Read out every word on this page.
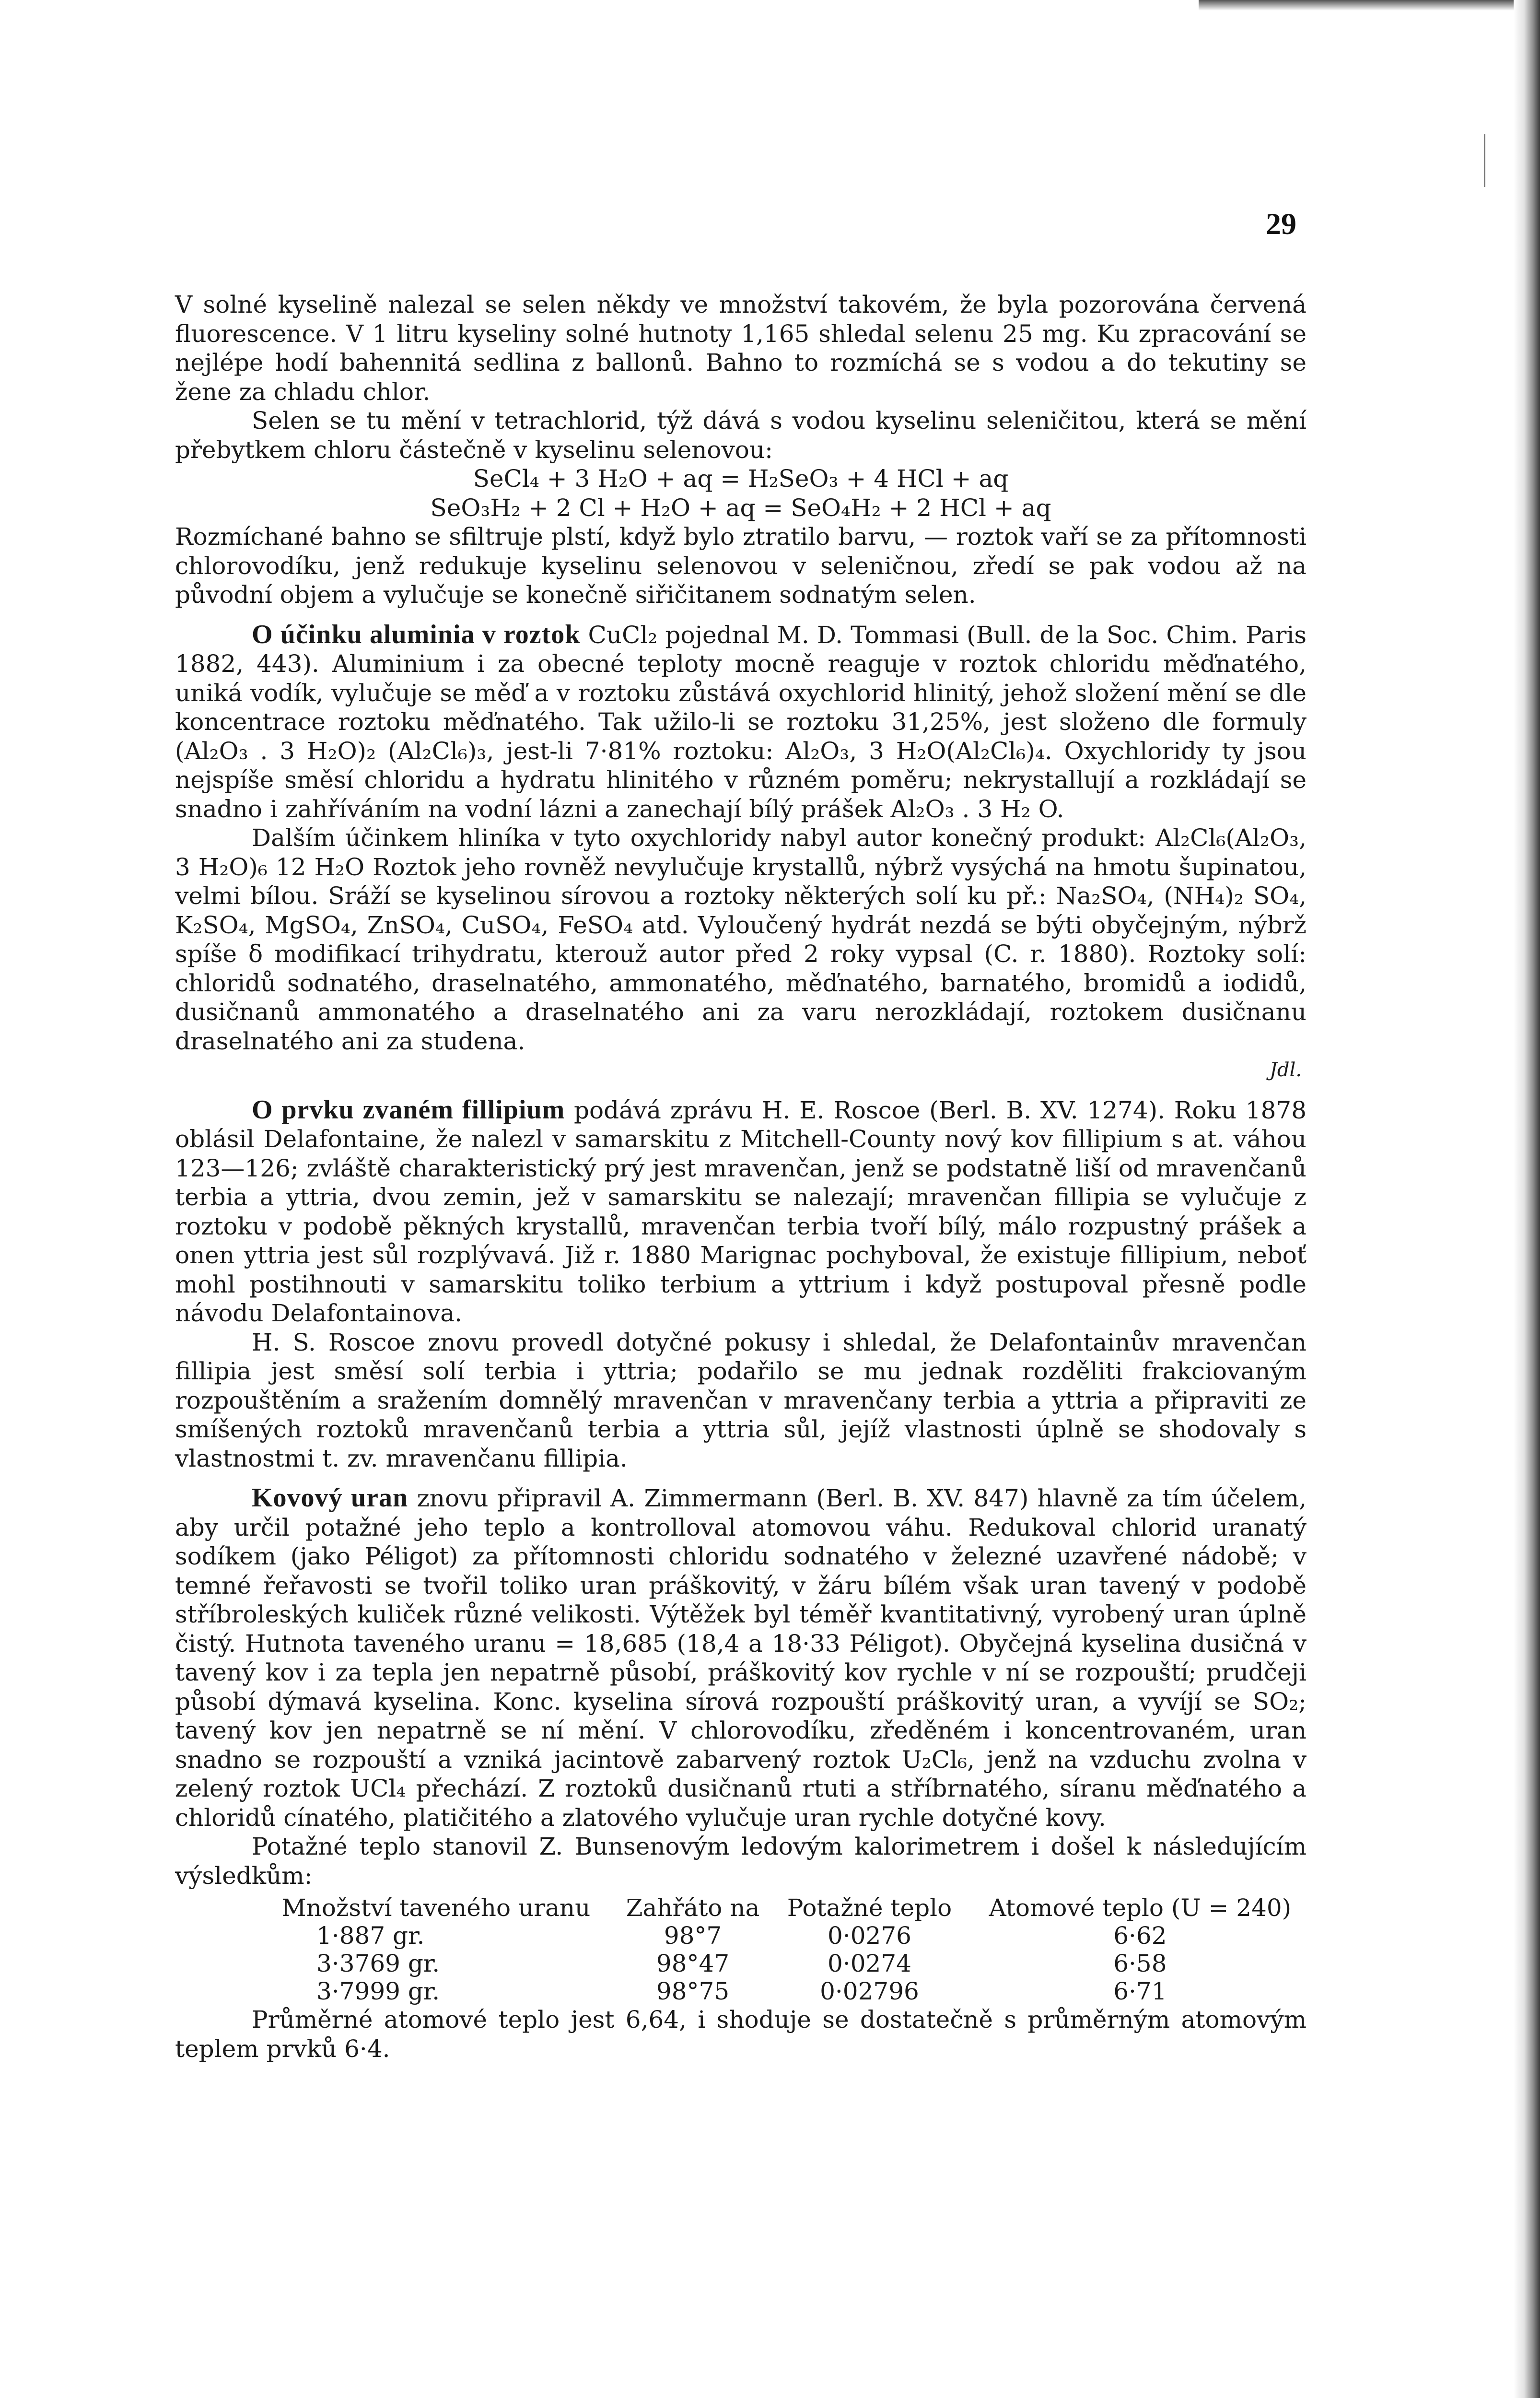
29

V solné kyselině nalezal se selen někdy ve množství takovém, že byla pozorována červená fluorescence. V 1 litru kyseliny solné hutnoty 1,165 shledal selenu 25 mg. Ku zpracování se nejlépe hodí bahennitá sedlina z ballonů. Bahno to rozmíchá se s vodou a do tekutiny se žene za chladu chlor.

Selen se tu mění v tetrachlorid, týž dává s vodou kyselinu seleničitou, která se mění přebytkem chloru částečně v kyselinu selenovou:

SeCl₄ + 3 H₂O + aq = H₂SeO₃ + 4 HCl + aq

SeO₃H₂ + 2 Cl + H₂O + aq = SeO₄H₂ + 2 HCl + aq

Rozmíchané bahno se sfiltruje plstí, když bylo ztratilo barvu, — roztok vaří se za přítomnosti chlorovodíku, jenž redukuje kyselinu selenovou v seleničnou, zředí se pak vodou až na původní objem a vylučuje se konečně siřičitanem sodnatým selen.

O účinku aluminia v roztok CuCl₂ pojednal M. D. Tommasi (Bull. de la Soc. Chim. Paris 1882, 443). Aluminium i za obecné teploty mocně reaguje v roztok chloridu měďnatého, uniká vodík, vylučuje se měď a v roztoku zůstává oxychlorid hlinitý, jehož složení mění se dle koncentrace roztoku měďnatého. Tak užilo-li se roztoku 31,25%, jest složeno dle formuly (Al₂O₃ . 3 H₂O)₂ (Al₂Cl₆)₃, jest-li 7·81% roztoku: Al₂O₃, 3 H₂O(Al₂Cl₆)₄. Oxychloridy ty jsou nejspíše směsí chloridu a hydratu hlinitého v různém poměru; nekrystallují a rozkládají se snadno i zahříváním na vodní lázni a zanechají bílý prášek Al₂O₃ . 3 H₂ O.

Dalším účinkem hliníka v tyto oxychloridy nabyl autor konečný produkt: Al₂Cl₆(Al₂O₃, 3 H₂O)₆ 12 H₂O Roztok jeho rovněž nevylučuje krystallů, nýbrž vysýchá na hmotu šupinatou, velmi bílou. Sráží se kyselinou sírovou a roztoky některých solí ku př.: Na₂SO₄, (NH₄)₂ SO₄, K₂SO₄, MgSO₄, ZnSO₄, CuSO₄, FeSO₄ atd. Vyloučený hydrát nezdá se býti obyčejným, nýbrž spíše δ modifikací trihydratu, kterouž autor před 2 roky vypsal (C. r. 1880). Roztoky solí: chloridů sodnatého, draselnatého, ammonatého, měďnatého, barnatého, bromidů a iodidů, dusičnanů ammonatého a draselnatého ani za varu nerozkládají, roztokem dusičnanu draselnatého ani za studena.

Jdl.

O prvku zvaném fillipium podává zprávu H. E. Roscoe (Berl. B. XV. 1274). Roku 1878 oblásil Delafontaine, že nalezl v samarskitu z Mitchell-County nový kov fillipium s at. váhou 123—126; zvláště charakteristický prý jest mravenčan, jenž se podstatně liší od mravenčanů terbia a yttria, dvou zemin, jež v samarskitu se nalezají; mravenčan fillipia se vylučuje z roztoku v podobě pěkných krystallů, mravenčan terbia tvoří bílý, málo rozpustný prášek a onen yttria jest sůl rozplývavá. Již r. 1880 Marignac pochyboval, že existuje fillipium, neboť mohl postihnouti v samarskitu toliko terbium a yttrium i když postupoval přesně podle návodu Delafontainova.

H. S. Roscoe znovu provedl dotyčné pokusy i shledal, že Delafontainův mravenčan fillipia jest směsí solí terbia i yttria; podařilo se mu jednak rozděliti frakciovaným rozpouštěním a sražením domnělý mravenčan v mravenčany terbia a yttria a připraviti ze smíšených roztoků mravenčanů terbia a yttria sůl, jejíž vlastnosti úplně se shodovaly s vlastnostmi t. zv. mravenčanu fillipia.

Kovový uran znovu připravil A. Zimmermann (Berl. B. XV. 847) hlavně za tím účelem, aby určil potažné jeho teplo a kontrolloval atomovou váhu. Redukoval chlorid uranatý sodíkem (jako Péligot) za přítomnosti chloridu sodnatého v železné uzavřené nádobě; v temné řeřavosti se tvořil toliko uran práškovitý, v žáru bílém však uran tavený v podobě stříbroleských kuliček různé velikosti. Výtěžek byl téměř kvantitativný, vyrobený uran úplně čistý. Hutnota taveného uranu = 18,685 (18,4 a 18·33 Péligot). Obyčejná kyselina dusičná v tavený kov i za tepla jen nepatrně působí, práškovitý kov rychle v ní se rozpouští; prudčeji působí dýmavá kyselina. Konc. kyselina sírová rozpouští práškovitý uran, a vyvíjí se SO₂; tavený kov jen nepatrně se ní mění. V chlorovodíku, zředěném i koncentrovaném, uran snadno se rozpouští a vzniká jacintově zabarvený roztok U₂Cl₆, jenž na vzduchu zvolna v zelený roztok UCl₄ přechází. Z roztoků dusičnanů rtuti a stříbrnatého, síranu měďnatého a chloridů cínatého, platičitého a zlatového vylučuje uran rychle dotyčné kovy.

Potažné teplo stanovil Z. Bunsenovým ledovým kalorimetrem i došel k následujícím výsledkům:

Množství taveného uranu	Zahřáto na	Potažné teplo	Atomové teplo (U = 240)
1·887 gr.	98°7	0·0276	6·62
3·3769 gr.	98°47	0·0274	6·58
3·7999 gr.	98°75	0·02796	6·71

Průměrné atomové teplo jest 6,64, i shoduje se dostatečně s průměrným atomovým teplem prvků 6·4.
